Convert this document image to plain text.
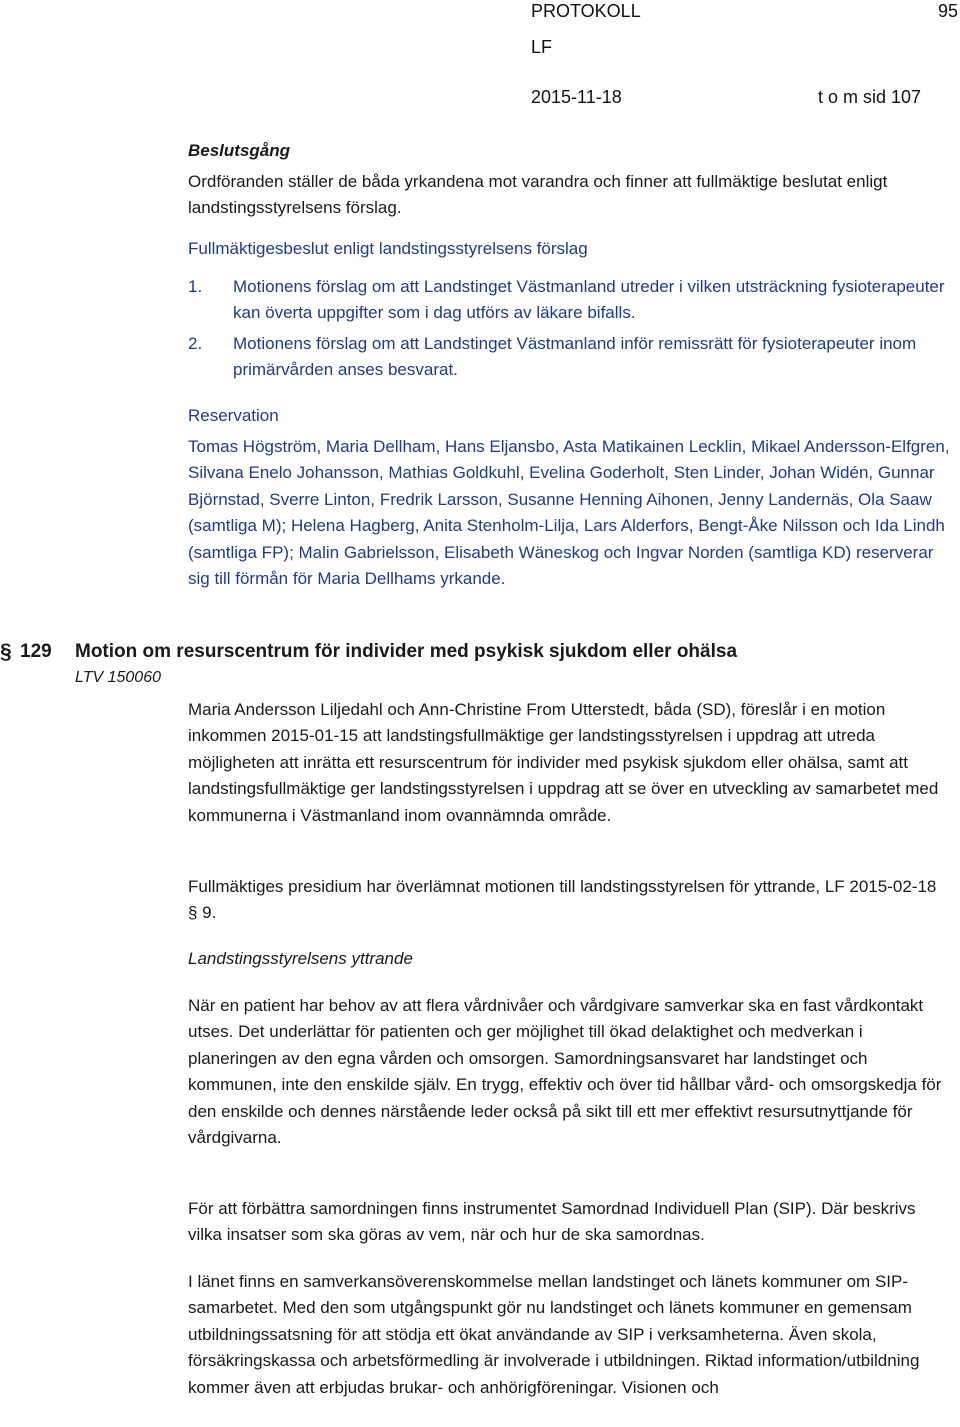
PROTOKOLL	95
LF
2015-11-18	t o m sid 107
Beslutsgång
Ordföranden ställer de båda yrkandena mot varandra och finner att fullmäktige beslutat enligt landstingsstyrelsens förslag.
Fullmäktigesbeslut enligt landstingsstyrelsens förslag
1. Motionens förslag om att Landstinget Västmanland utreder i vilken utsträckning fysioterapeuter kan överta uppgifter som i dag utförs av läkare bifalls.
2. Motionens förslag om att Landstinget Västmanland inför remissrätt för fysioterapeuter inom primärvården anses besvarat.
Reservation
Tomas Högström, Maria Dellham, Hans Eljansbo, Asta Matikainen Lecklin, Mikael Andersson-Elfgren, Silvana Enelo Johansson, Mathias Goldkuhl, Evelina Goderholt, Sten Linder, Johan Widén, Gunnar Björnstad, Sverre Linton, Fredrik Larsson, Susanne Henning Aihonen, Jenny Landernäs, Ola Saaw (samtliga M); Helena Hagberg, Anita Stenholm-Lilja, Lars Alderfors, Bengt-Åke Nilsson och Ida Lindh (samtliga FP); Malin Gabrielsson, Elisabeth Wäneskog och Ingvar Norden (samtliga KD) reserverar sig till förmån för Maria Dellhams yrkande.
§ 129 Motion om resurscentrum för individer med psykisk sjukdom eller ohälsa
LTV 150060
Maria Andersson Liljedahl och Ann-Christine From Utterstedt, båda (SD), föreslår i en motion inkommen 2015-01-15 att landstingsfullmäktige ger landstingsstyrelsen i uppdrag att utreda möjligheten att inrätta ett resurscentrum för individer med psykisk sjukdom eller ohälsa, samt att landstingsfullmäktige ger landstingsstyrelsen i uppdrag att se över en utveckling av samarbetet med kommunerna i Västmanland inom ovannämnda område.
Fullmäktiges presidium har överlämnat motionen till landstingsstyrelsen för yttrande, LF 2015-02-18 § 9.
Landstingsstyrelsens yttrande
När en patient har behov av att flera vårdnivåer och vårdgivare samverkar ska en fast vårdkontakt utses. Det underlättar för patienten och ger möjlighet till ökad delaktighet och medverkan i planeringen av den egna vården och omsorgen. Samordningsansvaret har landstinget och kommunen, inte den enskilde själv. En trygg, effektiv och över tid hållbar vård- och omsorgskedja för den enskilde och dennes närstående leder också på sikt till ett mer effektivt resursutnyttjande för vårdgivarna.
För att förbättra samordningen finns instrumentet Samordnad Individuell Plan (SIP). Där beskrivs vilka insatser som ska göras av vem, när och hur de ska samordnas.
I länet finns en samverkansöverenskommelse mellan landstinget och länets kommuner om SIP-samarbetet. Med den som utgångspunkt gör nu landstinget och länets kommuner en gemensam utbildningssatsning för att stödja ett ökat användande av SIP i verksamheterna. Även skola, försäkringskassa och arbetsförmedling är involverade i utbildningen. Riktad information/utbildning kommer även att erbjudas brukar- och anhörigföreningar. Visionen och
